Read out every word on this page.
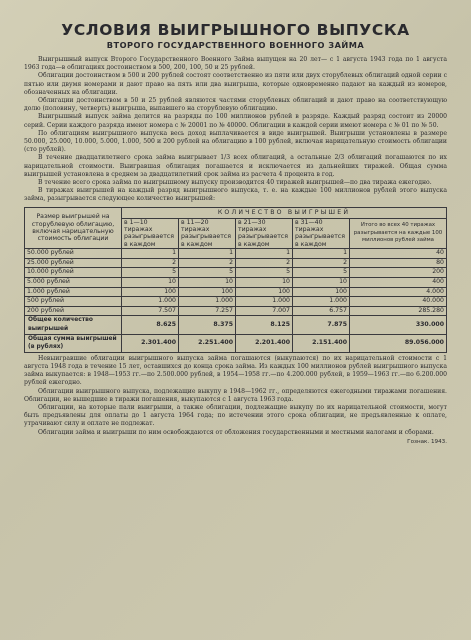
УСЛОВИЯ ВЫИГРЫШНОГО ВЫПУСКА
ВТОРОГО ГОСУДАРСТВЕННОГО ВОЕННОГО ЗАЙМА

Выигрышный выпуск Второго Государственного Военного Займа выпущен на 20 лет— с 1 августа 1943 года по 1 августа 1963 года—в облигациях достоинством в 500, 200, 100, 50 и 25 рублей.

Облигации достоинством в 500 и 200 рублей состоят соответственно из пяти или двух сторублевых облигаций одной серии с пятью или двумя номерами и дают право на пять или два выигрыша, которые одновременно падают на каждый из номеров, обозначенных на облигации.

Облигации достоинством в 50 и 25 рублей являются частями сторублевых облигаций и дают право на соответствующую долю (половину, четверть) выигрыша, выпавшего на сторублевую облигацию.

Выигрышный выпуск займа делится на разряды по 100 миллионов рублей в разряде. Каждый разряд состоит из 20000 серий. Серии каждого разряда имеют номера с № 20001 по № 40000. Облигации в каждой серии имеют номера с № 01 по № 50.

По облигациям выигрышного выпуска весь доход выплачивается в виде выигрышей. Выигрыши установлены в размере 50.000, 25.000, 10.000, 5.000, 1.000, 500 и 200 рублей на облигацию в 100 рублей, включая нарицательную стоимость облигации (сто рублей).

В течение двадцатилетнего срока займа выигрывает 1/3 всех облигаций, а остальные 2/3 облигаций погашаются по их нарицательной стоимости. Выигравшая облигация погашается и исключается из дальнейших тиражей. Общая сумма выигрышей установлена в среднем за двадцатилетний срок займа из расчета 4 процента в год.

В течение всего срока займа по выигрышному выпуску производится 40 тиражей выигрышей—по два тиража ежегодно.

В тиражах выигрышей на каждый разряд выигрышного выпуска, т. е. на каждые 100 миллионов рублей этого выпуска займа, разыгрывается следующее количество выигрышей:

Размер выигрышей на сторублевую облигацию, включая нарицательную стоимость облигации	КОЛИЧЕСТВО ВЫИГРЫШЕЙ				
	в 1—10 тиражах разыгрывается в каждом	в 11—20 тиражах разыгрывается в каждом	в 21—30 тиражах разыгрывается в каждом	в 31—40 тиражах разыгрывается в каждом	Итого во всех 40 тиражах разыгрывается на каждые 100 миллионов рублей займа
50.000 рублей	1	1	1	1	40
25.000 рублей	2	2	2	2	80
10.000 рублей	5	5	5	5	200
5.000 рублей	10	10	10	10	400
1.000 рублей	100	100	100	100	4.000
500 рублей	1.000	1.000	1.000	1.000	40.000
200 рублей	7.507	7.257	7.007	6.757	285.280
Общее количество выигрышей	8.625	8.375	8.125	7.875	330.000
Общая сумма выигрышей (в рублях)	2.301.400	2.251.400	2.201.400	2.151.400	89.056.000

Невыигравшие облигации выигрышного выпуска займа погашаются (выкупаются) по их нарицательной стоимости с 1 августа 1948 года в течение 15 лет, оставшихся до конца срока займа. Из каждых 100 миллионов рублей выигрышного выпуска займа выкупается: в 1948—1953 гг.—по 2.500.000 рублей, в 1954—1958 гг.—по 4.200.000 рублей, в 1959—1963 гг.—по 6.200.000 рублей ежегодно.

Облигации выигрышного выпуска, подлежащие выкупу в 1948—1962 гг., определяются ежегодными тиражами погашения. Облигации, не вышедшие в тиражи погашения, выкупаются с 1 августа 1963 года.

Облигации, на которые пали выигрыши, а также облигации, подлежащие выкупу по их нарицательной стоимости, могут быть предъявлены для оплаты до 1 августа 1964 года; по истечении этого срока облигации, не предъявленные к оплате, утрачивают силу и оплате не подлежат.

Облигации займа и выигрыши по ним освобождаются от обложения государственными и местными налогами и сборами.

Гознак. 1943.
